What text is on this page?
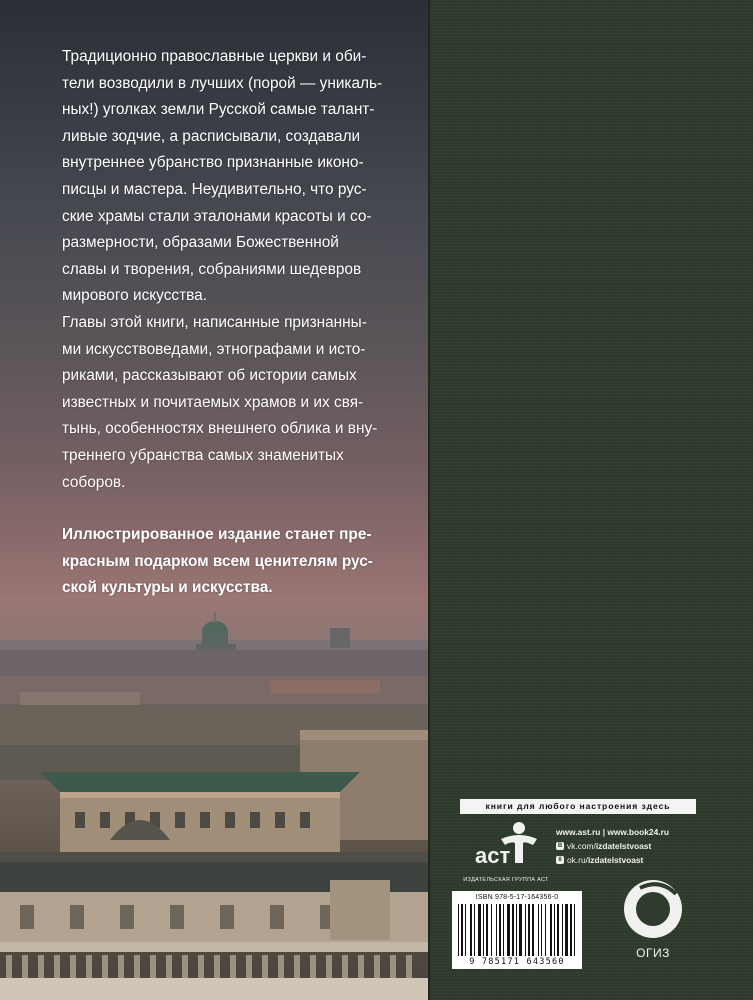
Традиционно православные церкви и оби-

тели возводили в лучших (порой — уникаль-

ных!) уголках земли Русской самые талант-

ливые зодчие, а расписывали, создавали

внутреннее убранство признанные иконо-

писцы и мастера. Неудивительно, что рус-

ские храмы стали эталонами красоты и со-

размерности, образами Божественной

славы и творения, собраниями шедевров

мирового искусства.

Главы этой книги, написанные признанны-

ми искусствоведами, этнографами и исто-

риками, рассказывают об истории самых

известных и почитаемых храмов и их свя-

тынь, особенностях внешнего облика и вну-

треннего убранства самых знаменитых

соборов.

Иллюстрированное издание станет пре-

красным подарком всем ценителям рус-

ской культуры и искусства.

книги для любого настроения здесь
аст
ИЗДАТЕЛЬСКАЯ ГРУППА АСТ
www.ast.ru | www.book24.ru
В vk.com/ izdatelstvoast
8 ok.ru/ izdatelstvoast
ISBN 978-5-17-164356-0
9 785171 643560
ОГИЗ
